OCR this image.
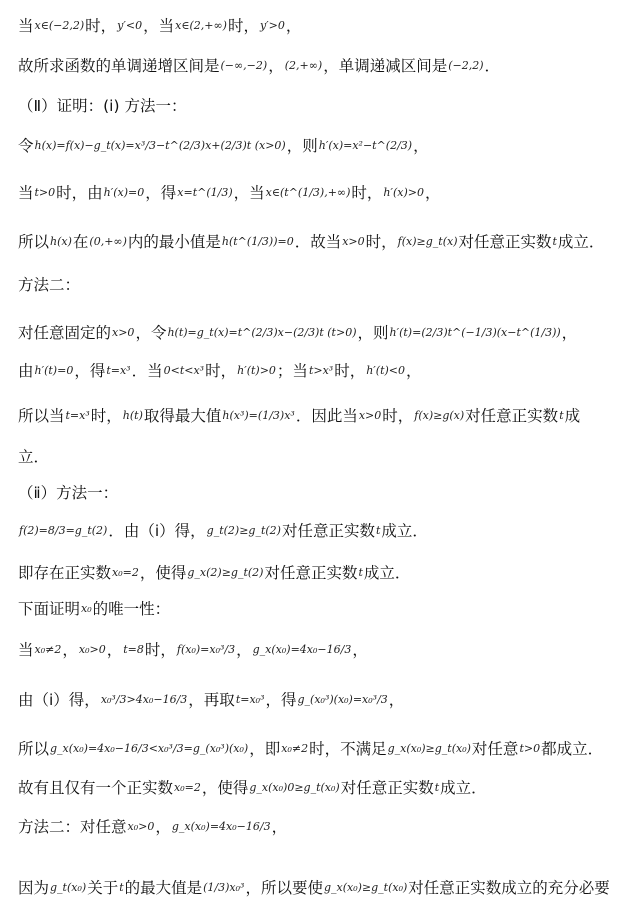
当x∈(−2,2)时，y′<0，当x∈(2,+∞)时，y′>0，
故所求函数的单调递增区间是(−∞,−2)，(2,+∞)，单调递减区间是(−2,2)．
（Ⅱ）证明：(ⅰ) 方法一：
令h(x)=f(x)−g_t(x)=x³/3−t^(2/3)x+(2/3)t (x>0)，则h′(x)=x²−t^(2/3)，
当t>0时，由h′(x)=0，得x=t^(1/3)，当x∈(t^(1/3),+∞)时，h′(x)>0，
所以h(x)在(0,+∞)内的最小值是h(t^(1/3))=0．故当x>0时，f(x)≥g_t(x)对任意正实数t成立．
方法二：
对任意固定的x>0，令h(t)=g_t(x)=t^(2/3)x−(2/3)t (t>0)，则h′(t)=(2/3)t^(−1/3)(x−t^(1/3))，
由h′(t)=0，得t=x³．当0<t<x³时，h′(t)>0；当t>x³时，h′(t)<0，
所以当t=x³时，h(t)取得最大值h(x³)=(1/3)x³．因此当x>0时，f(x)≥g(x)对任意正实数t成
立．
（ⅱ）方法一：
f(2)=8/3=g_t(2)．由（ⅰ）得，g_t(2)≥g_t(2)对任意正实数t成立．
即存在正实数x₀=2，使得g_x(2)≥g_t(2)对任意正实数t成立．
下面证明x₀的唯一性：
当x₀≠2，x₀>0，t=8时，f(x₀)=x₀³/3，g_x(x₀)=4x₀−16/3，
由（ⅰ）得，x₀³/3>4x₀−16/3，再取t=x₀³，得g_(x₀³)(x₀)=x₀³/3，
所以g_x(x₀)=4x₀−16/3<x₀³/3=g_(x₀³)(x₀)，即x₀≠2时，不满足g_x(x₀)≥g_t(x₀)对任意t>0都成立．
故有且仅有一个正实数x₀=2，使得g_x(x₀)0≥g_t(x₀)对任意正实数t成立．
方法二：对任意x₀>0，g_x(x₀)=4x₀−16/3，
因为g_t(x₀)关于t的最大值是(1/3)x₀³，所以要使g_x(x₀)≥g_t(x₀)对任意正实数成立的充分必要
